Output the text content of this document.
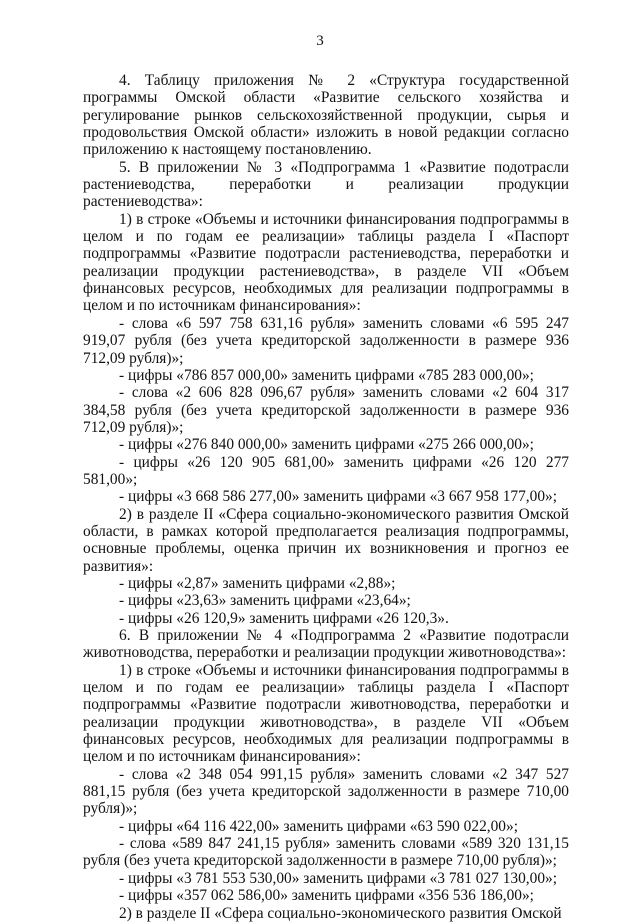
3

4. Таблицу приложения № 2 «Структура государственной программы Омской области «Развитие сельского хозяйства и регулирование рынков сельскохозяйственной продукции, сырья и продовольствия Омской области» изложить в новой редакции согласно приложению к настоящему постановлению.

5. В приложении № 3 «Подпрограмма 1 «Развитие подотрасли растениеводства, переработки и реализации продукции растениеводства»:

1) в строке «Объемы и источники финансирования подпрограммы в целом и по годам ее реализации» таблицы раздела I «Паспорт подпрограммы «Развитие подотрасли растениеводства, переработки и реализации продукции растениеводства», в разделе VII «Объем финансовых ресурсов, необходимых для реализации подпрограммы в целом и по источникам финансирования»:

- слова «6 597 758 631,16 рубля» заменить словами «6 595 247 919,07 рубля (без учета кредиторской задолженности в размере 936 712,09 рубля)»;

- цифры «786 857 000,00» заменить цифрами «785 283 000,00»;

- слова «2 606 828 096,67 рубля» заменить словами «2 604 317 384,58 рубля (без учета кредиторской задолженности в размере 936 712,09 рубля)»;

- цифры «276 840 000,00» заменить цифрами «275 266 000,00»;

- цифры «26 120 905 681,00» заменить цифрами «26 120 277 581,00»;

- цифры «3 668 586 277,00» заменить цифрами «3 667 958 177,00»;

2) в разделе II «Сфера социально-экономического развития Омской области, в рамках которой предполагается реализация подпрограммы, основные проблемы, оценка причин их возникновения и прогноз ее развития»:

- цифры «2,87» заменить цифрами «2,88»;

- цифры «23,63» заменить цифрами «23,64»;

- цифры «26 120,9» заменить цифрами «26 120,3».

6. В приложении № 4 «Подпрограмма 2 «Развитие подотрасли животноводства, переработки и реализации продукции животноводства»:

1) в строке «Объемы и источники финансирования подпрограммы в целом и по годам ее реализации» таблицы раздела I «Паспорт подпрограммы «Развитие подотрасли животноводства, переработки и реализации продукции животноводства», в разделе VII «Объем финансовых ресурсов, необходимых для реализации подпрограммы в целом и по источникам финансирования»:

- слова «2 348 054 991,15 рубля» заменить словами «2 347 527 881,15 рубля (без учета кредиторской задолженности в размере 710,00 рубля)»;

- цифры «64 116 422,00» заменить цифрами «63 590 022,00»;

- слова «589 847 241,15 рубля» заменить словами «589 320 131,15 рубля (без учета кредиторской задолженности в размере 710,00 рубля)»;

- цифры «3 781 553 530,00» заменить цифрами «3 781 027 130,00»;

- цифры «357 062 586,00» заменить цифрами «356 536 186,00»;

2) в разделе II «Сфера социально-экономического развития Омской
